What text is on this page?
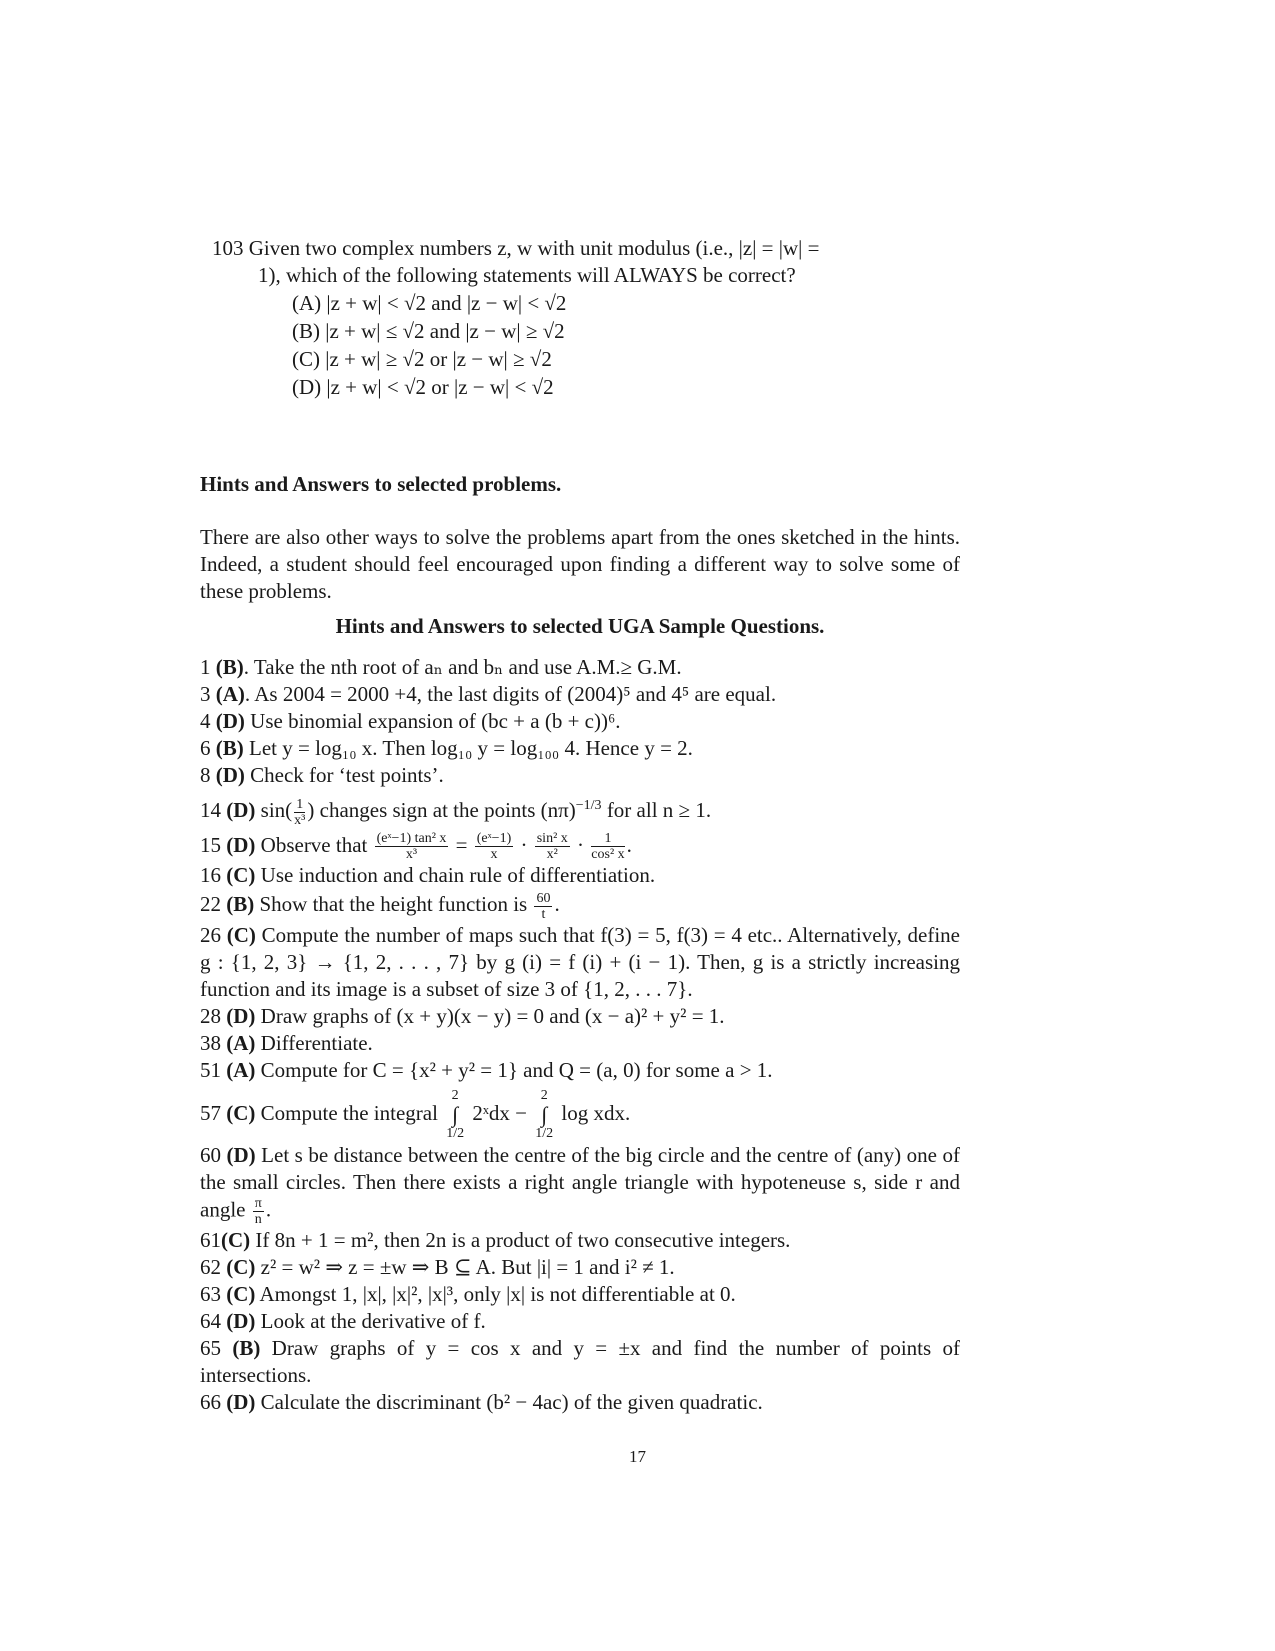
103 Given two complex numbers z, w with unit modulus (i.e., |z| = |w| =
1), which of the following statements will ALWAYS be correct?
(A) |z + w| < √2 and |z − w| < √2
(B) |z + w| ≤ √2 and |z − w| ≥ √2
(C) |z + w| ≥ √2 or |z − w| ≥ √2
(D) |z + w| < √2 or |z − w| < √2
Hints and Answers to selected problems.
There are also other ways to solve the problems apart from the ones sketched in the hints. Indeed, a student should feel encouraged upon finding a different way to solve some of these problems.
Hints and Answers to selected UGA Sample Questions.
1 (B). Take the nth root of aₙ and bₙ and use A.M.≥ G.M.
3 (A). As 2004 = 2000 +4, the last digits of (2004)⁵ and 4⁵ are equal.
4 (D) Use binomial expansion of (bc + a (b + c))⁶.
6 (B) Let y = log₁₀ x. Then log₁₀ y = log₁₀₀ 4. Hence y = 2.
8 (D) Check for ‘test points’.
14 (D) $\sin( \frac{1}{\text{x³}}$ ) changes sign at the points $(n\pi)^{-1/3}$ for all n ≥ 1.
15 (D) Observe that $\frac{\text{(eˣ−1) tan² x}}{\text{x³}} = \frac{\text{(eˣ−1)}}{x} \cdot \frac{\text{sin² x}}{\text{x²}} \cdot \frac{1}{\text{cos² x}}$ .
16 (C) Use induction and chain rule of differentiation.
22 (B) Show that the height function is $\frac{60}{t}$ .
26 (C) Compute the number of maps such that f(3) = 5, f(3) = 4 etc.. Alternatively, define g : {1, 2, 3} → {1, 2, . . . , 7} by g (i) = f (i) + (i − 1). Then, g is a strictly increasing function and its image is a subset of size 3 of {1, 2, . . . 7}.
28 (D) Draw graphs of (x + y)(x − y) = 0 and (x − a)² + y² = 1.
38 (A) Differentiate.
51 (A) Compute for C = {x² + y² = 1} and Q = (a, 0) for some a > 1.
57 (C) Compute the integral
2
∫
1/2
2ˣdx −
2
∫
1/2
log xdx.
60 (D) Let s be distance between the centre of the big circle and the centre of (any) one of the small circles. Then there exists a right angle triangle with hypoteneuse s, side r and angle $\frac{\pi}{n}$ .
61(C) If 8n + 1 = m², then 2n is a product of two consecutive integers.
62 (C) z² = w² ⇒ z = ±w ⇒ B ⊆ A. But |i| = 1 and i² ≠ 1.
63 (C) Amongst 1, |x|, |x|², |x|³, only |x| is not differentiable at 0.
64 (D) Look at the derivative of f.
65 (B) Draw graphs of y = cos x and y = ±x and find the number of points of intersections.
66 (D) Calculate the discriminant (b² − 4ac) of the given quadratic.
17
